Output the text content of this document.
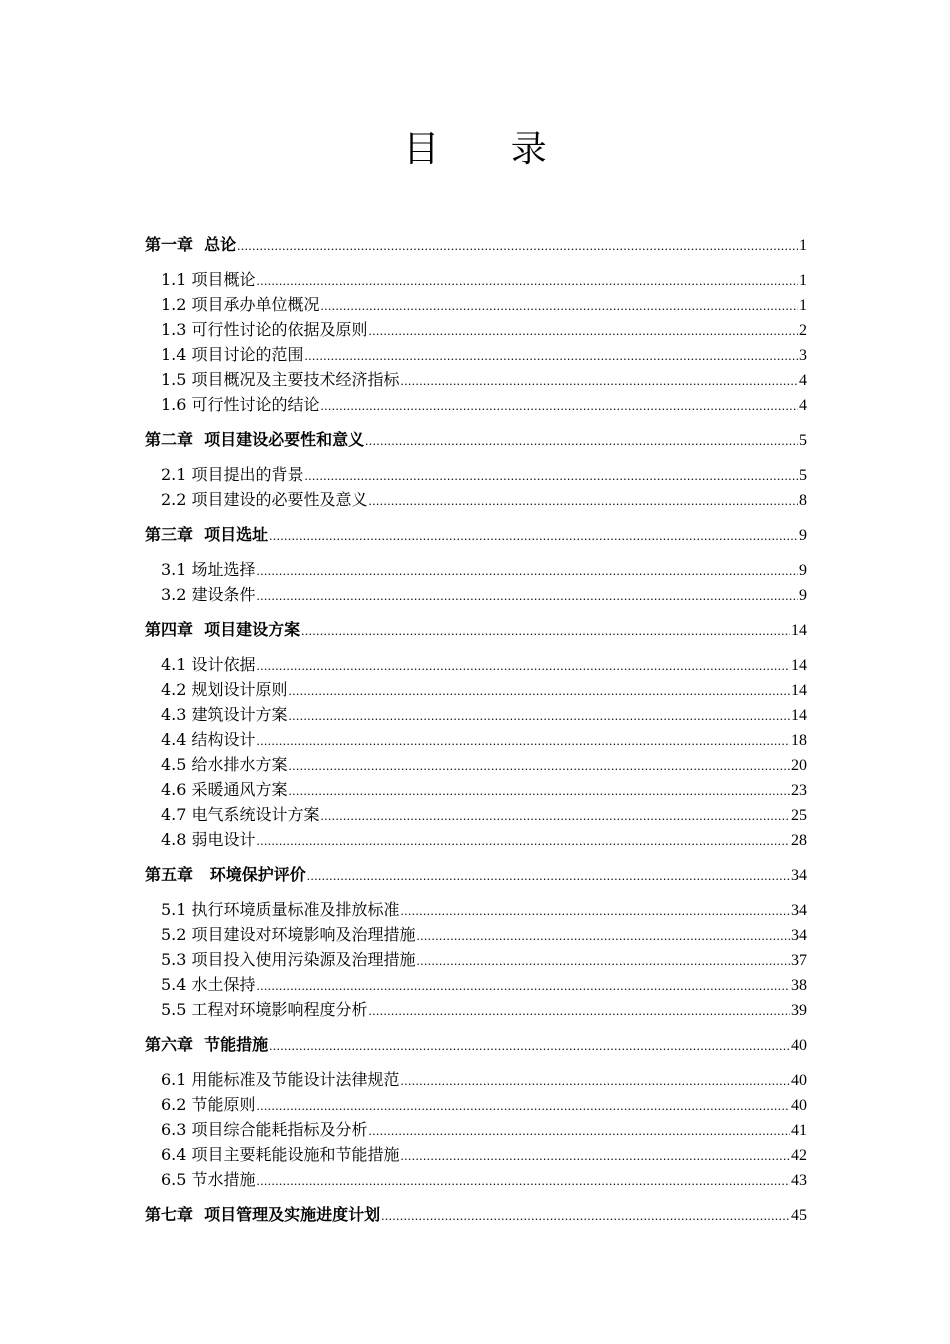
目 录
第一章  总论 .....	1
1.1 项目概论 .....	1
1.2 项目承办单位概况 .....	1
1.3 可行性讨论的依据及原则 .....	2
1.4 项目讨论的范围 .....	3
1.5 项目概况及主要技术经济指标 .....	4
1.6 可行性讨论的结论 .....	4
第二章  项目建设必要性和意义 .....	5
2.1 项目提出的背景 .....	5
2.2 项目建设的必要性及意义 .....	8
第三章  项目选址 .....	9
3.1 场址选择 .....	9
3.2 建设条件 .....	9
第四章  项目建设方案 .....	14
4.1 设计依据 .....	14
4.2 规划设计原则 .....	14
4.3 建筑设计方案 .....	14
4.4 结构设计 .....	18
4.5 给水排水方案 .....	20
4.6 采暖通风方案 .....	23
4.7 电气系统设计方案 .....	25
4.8 弱电设计 .....	28
第五章   环境保护评价 .....	34
5.1 执行环境质量标准及排放标准 .....	34
5.2 项目建设对环境影响及治理措施 .....	34
5.3 项目投入使用污染源及治理措施 .....	37
5.4 水土保持 .....	38
5.5 工程对环境影响程度分析 .....	39
第六章  节能措施 .....	40
6.1 用能标准及节能设计法律规范 .....	40
6.2 节能原则 .....	40
6.3 项目综合能耗指标及分析 .....	41
6.4 项目主要耗能设施和节能措施 .....	42
6.5 节水措施 .....	43
第七章  项目管理及实施进度计划 .....	45
